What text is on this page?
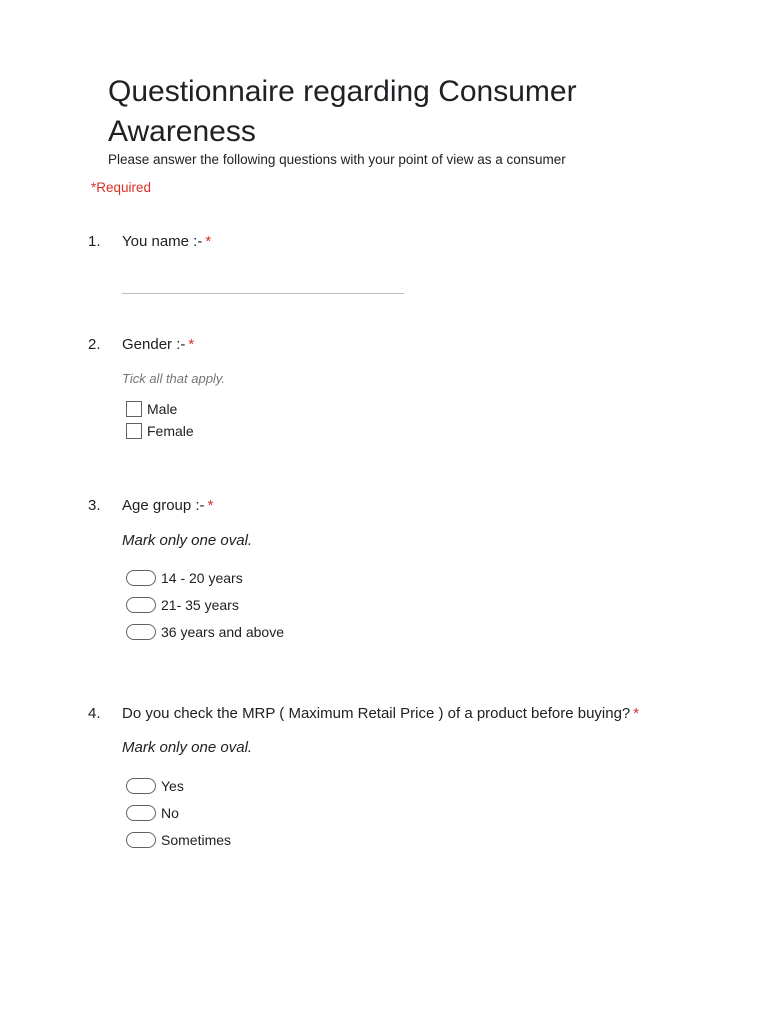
Questionnaire regarding Consumer Awareness
Please answer the following questions with your point of view as a consumer
*Required
1. You name :- *
2. Gender :- *
Tick all that apply.
Male
Female
3. Age group :- *
Mark only one oval.
14 - 20 years
21- 35 years
36 years and above
4. Do you check the MRP ( Maximum Retail Price ) of a product before buying? *
Mark only one oval.
Yes
No
Sometimes
